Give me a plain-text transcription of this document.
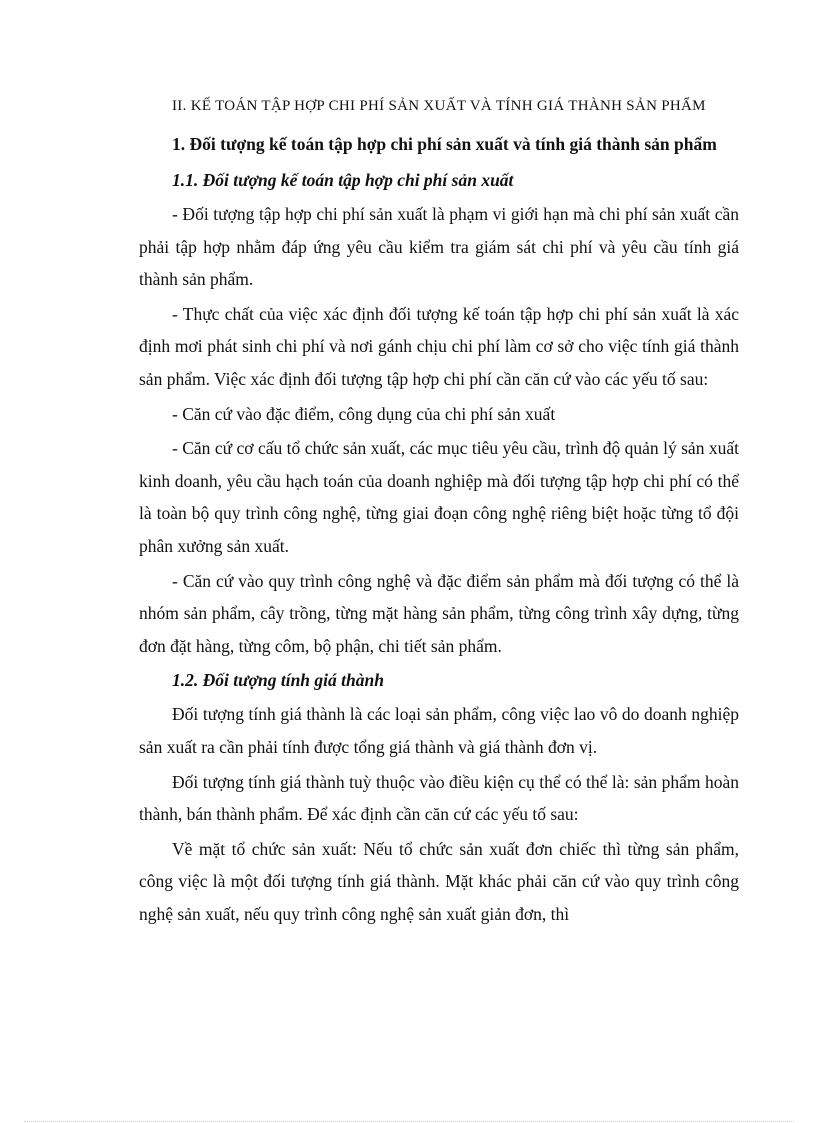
II. KẾ TOÁN TẬP HỢP CHI PHÍ SẢN XUẤT VÀ TÍNH GIÁ THÀNH SẢN PHẨM

1. Đối tượng kế toán tập hợp chi phí sản xuất và tính giá thành sản phẩm

1.1. Đối tượng kế toán tập hợp chi phí sản xuất

- Đối tượng tập hợp chi phí sản xuất là phạm vi giới hạn mà chi phí sản xuất cần phải tập hợp nhằm đáp ứng yêu cầu kiểm tra giám sát chi phí và yêu cầu tính giá thành sản phẩm.

- Thực chất của việc xác định đối tượng kế toán tập hợp chi phí sản xuất là xác định mơi phát sinh chi phí và nơi gánh chịu chi phí làm cơ sở cho việc tính giá thành sản phẩm. Việc xác định đối tượng tập hợp chi phí cần căn cứ vào các yếu tố sau:

- Căn cứ vào đặc điểm, công dụng của chi phí sản xuất

- Căn cứ cơ cấu tổ chức sản xuất, các mục tiêu yêu cầu, trình độ quản lý sản xuất kinh doanh, yêu cầu hạch toán của doanh nghiệp mà đối tượng tập hợp chi phí có thể là toàn bộ quy trình công nghệ, từng giai đoạn công nghệ riêng biệt hoặc từng tổ đội phân xưởng sản xuất.

- Căn cứ vào quy trình công nghệ và đặc điểm sản phẩm mà đối tượng có thể là nhóm sản phẩm, cây trồng, từng mặt hàng sản phẩm, từng công trình xây dựng, từng đơn đặt hàng, từng côm, bộ phận, chi tiết sản phẩm.

1.2. Đối tượng tính giá thành

Đối tượng tính giá thành là các loại sản phẩm, công việc lao vô do doanh nghiệp sản xuất ra cần phải tính được tổng giá thành và giá thành đơn vị.

Đối tượng tính giá thành tuỳ thuộc vào điều kiện cụ thể có thể là: sản phẩm hoàn thành, bán thành phẩm. Để xác định cần căn cứ các yếu tố sau:

Về mặt tổ chức sản xuất: Nếu tổ chức sản xuất đơn chiếc thì từng sản phẩm, công việc là một đối tượng tính giá thành. Mặt khác phải căn cứ vào quy trình công nghệ sản xuất, nếu quy trình công nghệ sản xuất giản đơn, thì
